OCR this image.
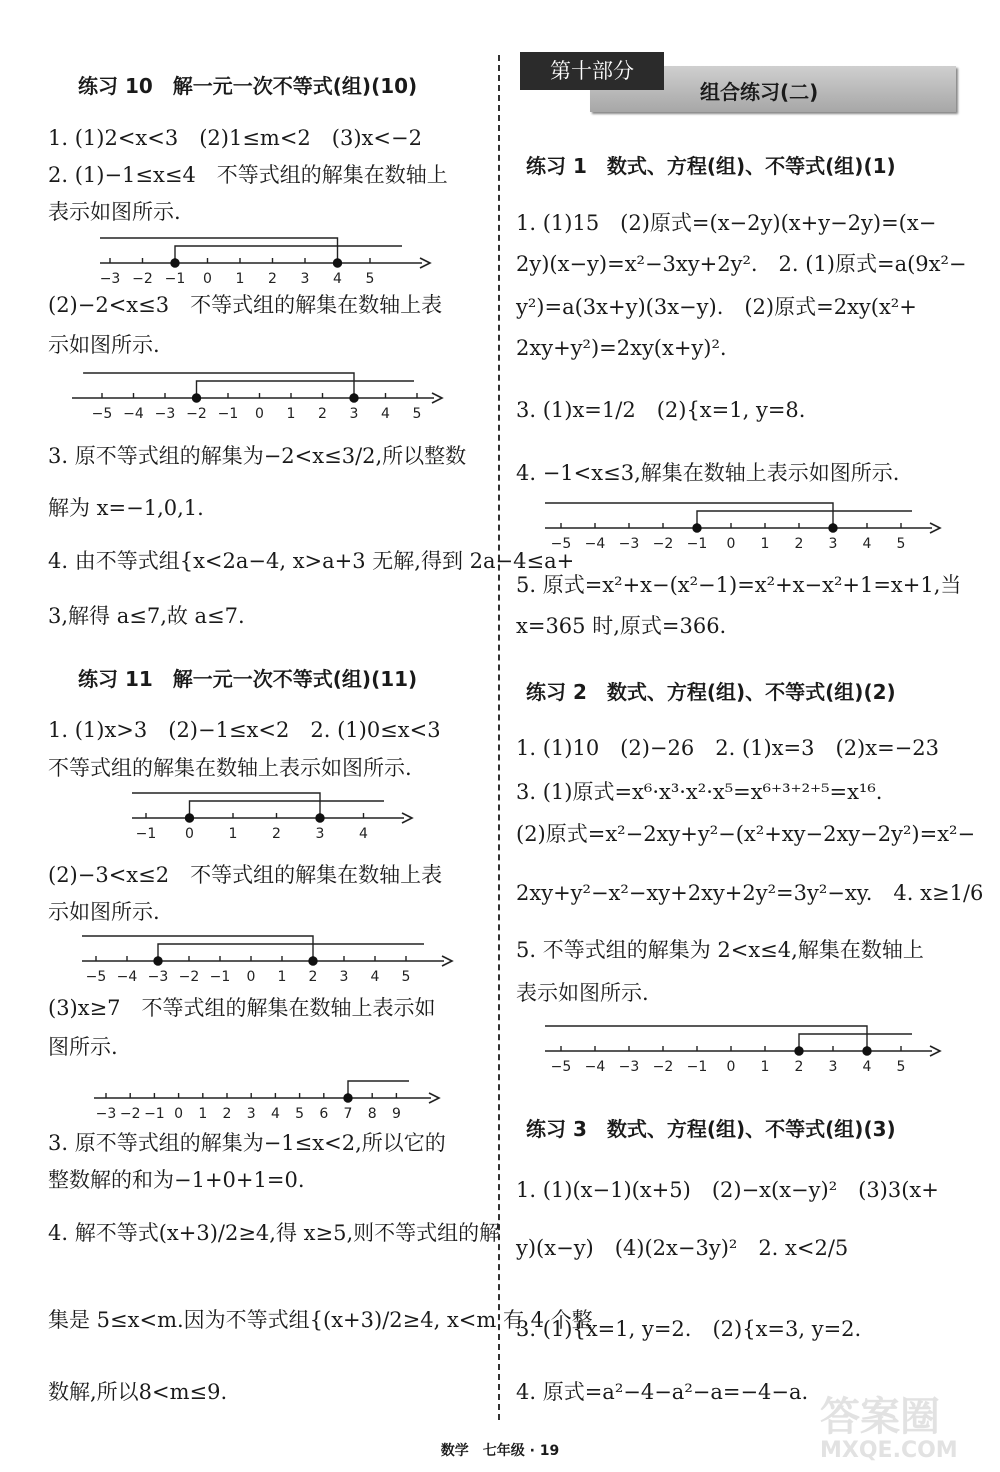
练习 10　解一元一次不等式(组)(10)
1. (1)2<x<3　(2)1≤m<2　(3)x<−2
2. (1)−1≤x≤4　不等式组的解集在数轴上
表示如图所示.
−3 −2 −1 0 1 2 3 4 5
(2)−2<x≤3　不等式组的解集在数轴上表
示如图所示.
−5 −4 −3 −2 −1 0 1 2 3 4 5
3. 原不等式组的解集为−2<x≤3/2,所以整数
解为 x=−1,0,1.
4. 由不等式组{x<2a−4, x>a+3 无解,得到 2a−4≤a+
3,解得 a≤7,故 a≤7.
练习 11　解一元一次不等式(组)(11)
1. (1)x>3　(2)−1≤x<2　2. (1)0≤x<3
不等式组的解集在数轴上表示如图所示.
−1 0 1 2 3 4
(2)−3<x≤2　不等式组的解集在数轴上表
示如图所示.
−5 −4 −3 −2 −1 0 1 2 3 4 5
(3)x≥7　不等式组的解集在数轴上表示如
图所示.
−3 −2 −1 0 1 2 3 4 5 6 7 8 9
3. 原不等式组的解集为−1≤x<2,所以它的
整数解的和为−1+0+1=0.
4. 解不等式(x+3)/2≥4,得 x≥5,则不等式组的解
集是 5≤x<m.因为不等式组{(x+3)/2≥4, x<m 有 4 个整
数解,所以8<m≤9.
第十部分
组合练习(二)
练习 1　数式、方程(组)、不等式(组)(1)
1. (1)15　(2)原式=(x−2y)(x+y−2y)=(x−
2y)(x−y)=x²−3xy+2y².　2. (1)原式=a(9x²−
y²)=a(3x+y)(3x−y).　(2)原式=2xy(x²+
2xy+y²)=2xy(x+y)².
3. (1)x=1/2　(2){x=1, y=8.
4. −1<x≤3,解集在数轴上表示如图所示.
−5 −4 −3 −2 −1 0 1 2 3 4 5
5. 原式=x²+x−(x²−1)=x²+x−x²+1=x+1,当
x=365 时,原式=366.
练习 2　数式、方程(组)、不等式(组)(2)
1. (1)10　(2)−26　2. (1)x=3　(2)x=−23
3. (1)原式=x⁶·x³·x²·x⁵=x⁶⁺³⁺²⁺⁵=x¹⁶.
(2)原式=x²−2xy+y²−(x²+xy−2xy−2y²)=x²−
2xy+y²−x²−xy+2xy+2y²=3y²−xy.　4. x≥1/6
5. 不等式组的解集为 2<x≤4,解集在数轴上
表示如图所示.
−5 −4 −3 −2 −1 0 1 2 3 4 5
练习 3　数式、方程(组)、不等式(组)(3)
1. (1)(x−1)(x+5)　(2)−x(x−y)²　(3)3(x+
y)(x−y)　(4)(2x−3y)²　2. x<2/5
3. (1){x=1, y=2.　(2){x=3, y=2.
4. 原式=a²−4−a²−a=−4−a.
答案圈
MXQE.COM
数学　七年级 · 19
